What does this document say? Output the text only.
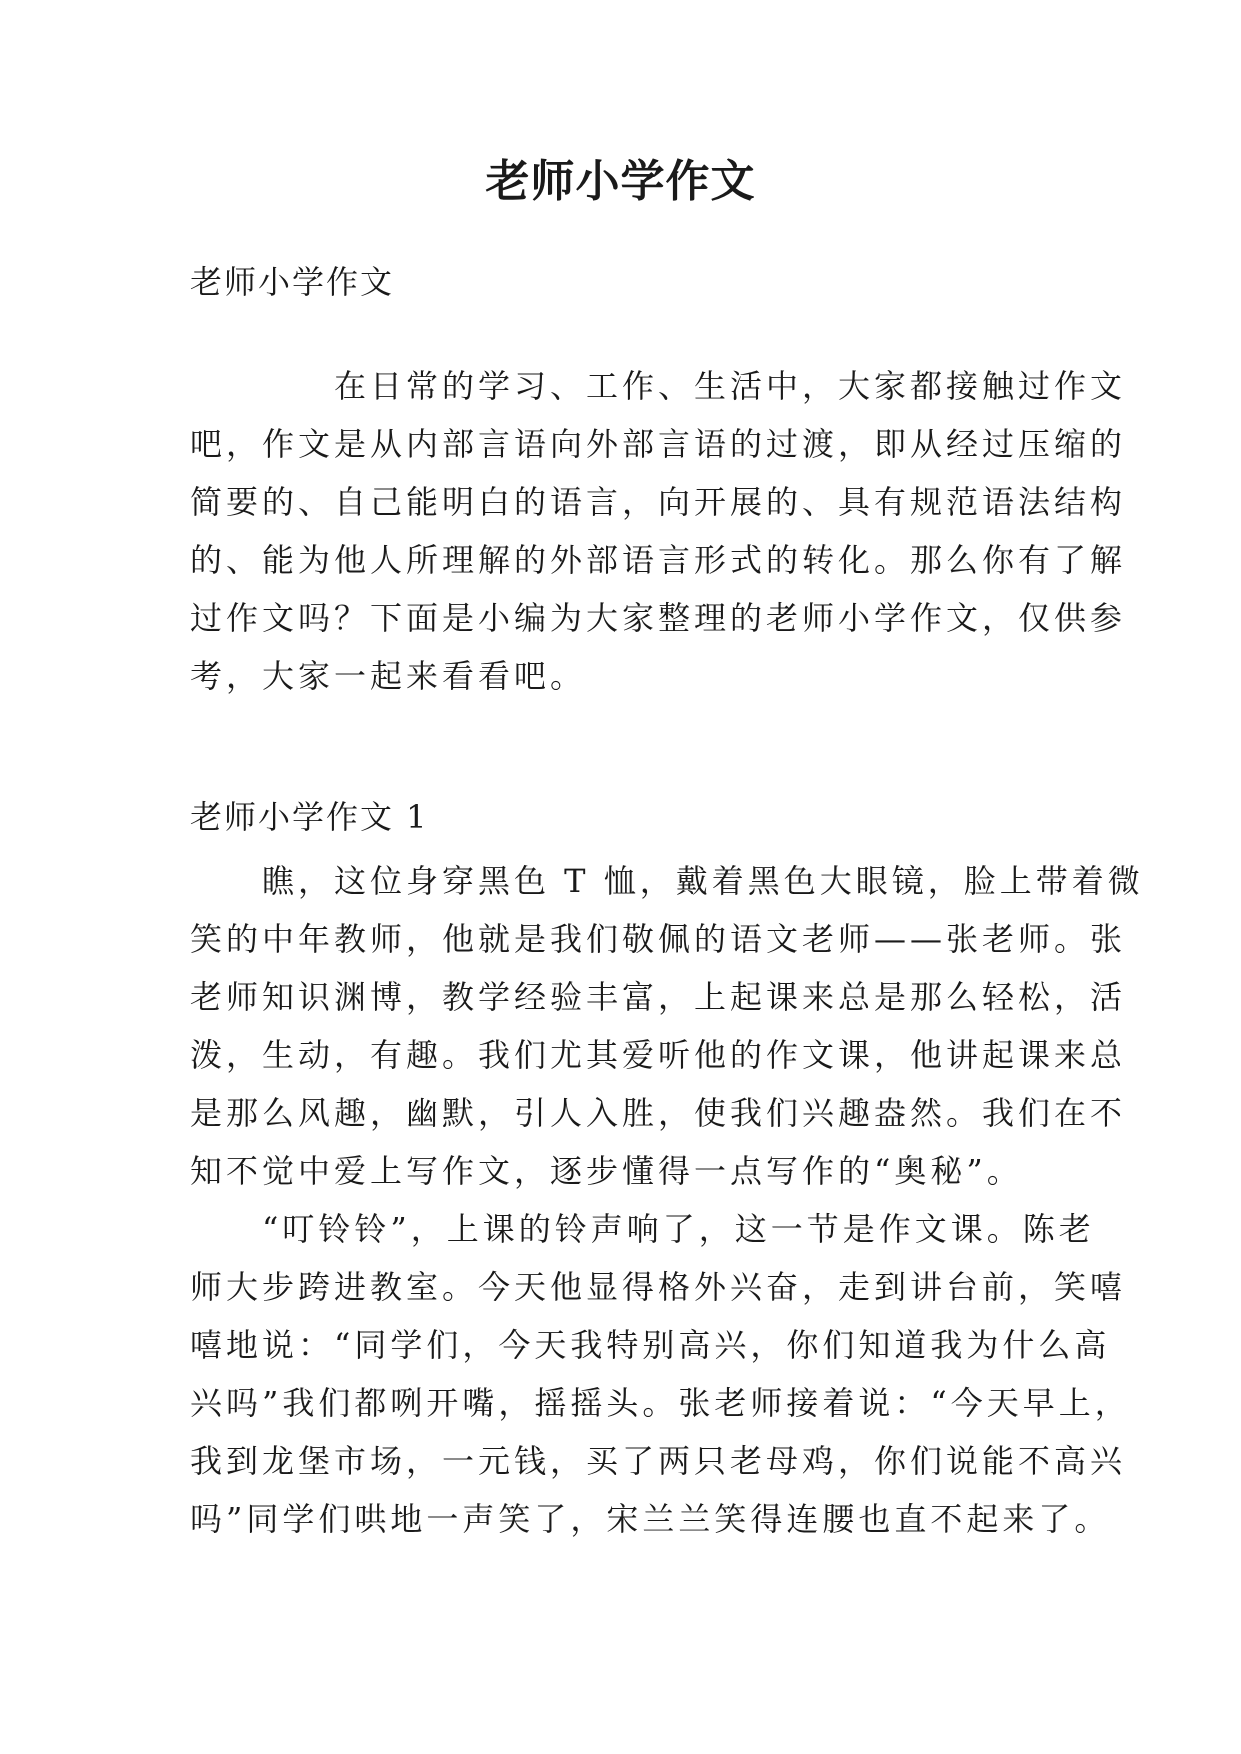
老师小学作文

老师小学作文

　　　　在日常的学习、工作、生活中，大家都接触过作文
吧，作文是从内部言语向外部言语的过渡，即从经过压缩的
简要的、自己能明白的语言，向开展的、具有规范语法结构
的、能为他人所理解的外部语言形式的转化。那么你有了解
过作文吗？下面是小编为大家整理的老师小学作文，仅供参
考，大家一起来看看吧。

老师小学作文 1

　　瞧，这位身穿黑色 T 恤，戴着黑色大眼镜，脸上带着微
笑的中年教师，他就是我们敬佩的语文老师——张老师。张
老师知识渊博，教学经验丰富，上起课来总是那么轻松，活
泼，生动，有趣。我们尤其爱听他的作文课，他讲起课来总
是那么风趣，幽默，引人入胜，使我们兴趣盎然。我们在不
知不觉中爱上写作文，逐步懂得一点写作的“奥秘”。
　　“叮铃铃”，上课的铃声响了，这一节是作文课。陈老
师大步跨进教室。今天他显得格外兴奋，走到讲台前，笑嘻
嘻地说：“同学们，今天我特别高兴，你们知道我为什么高
兴吗”我们都咧开嘴，摇摇头。张老师接着说：“今天早上，
我到龙堡市场，一元钱，买了两只老母鸡，你们说能不高兴
吗”同学们哄地一声笑了，宋兰兰笑得连腰也直不起来了。
